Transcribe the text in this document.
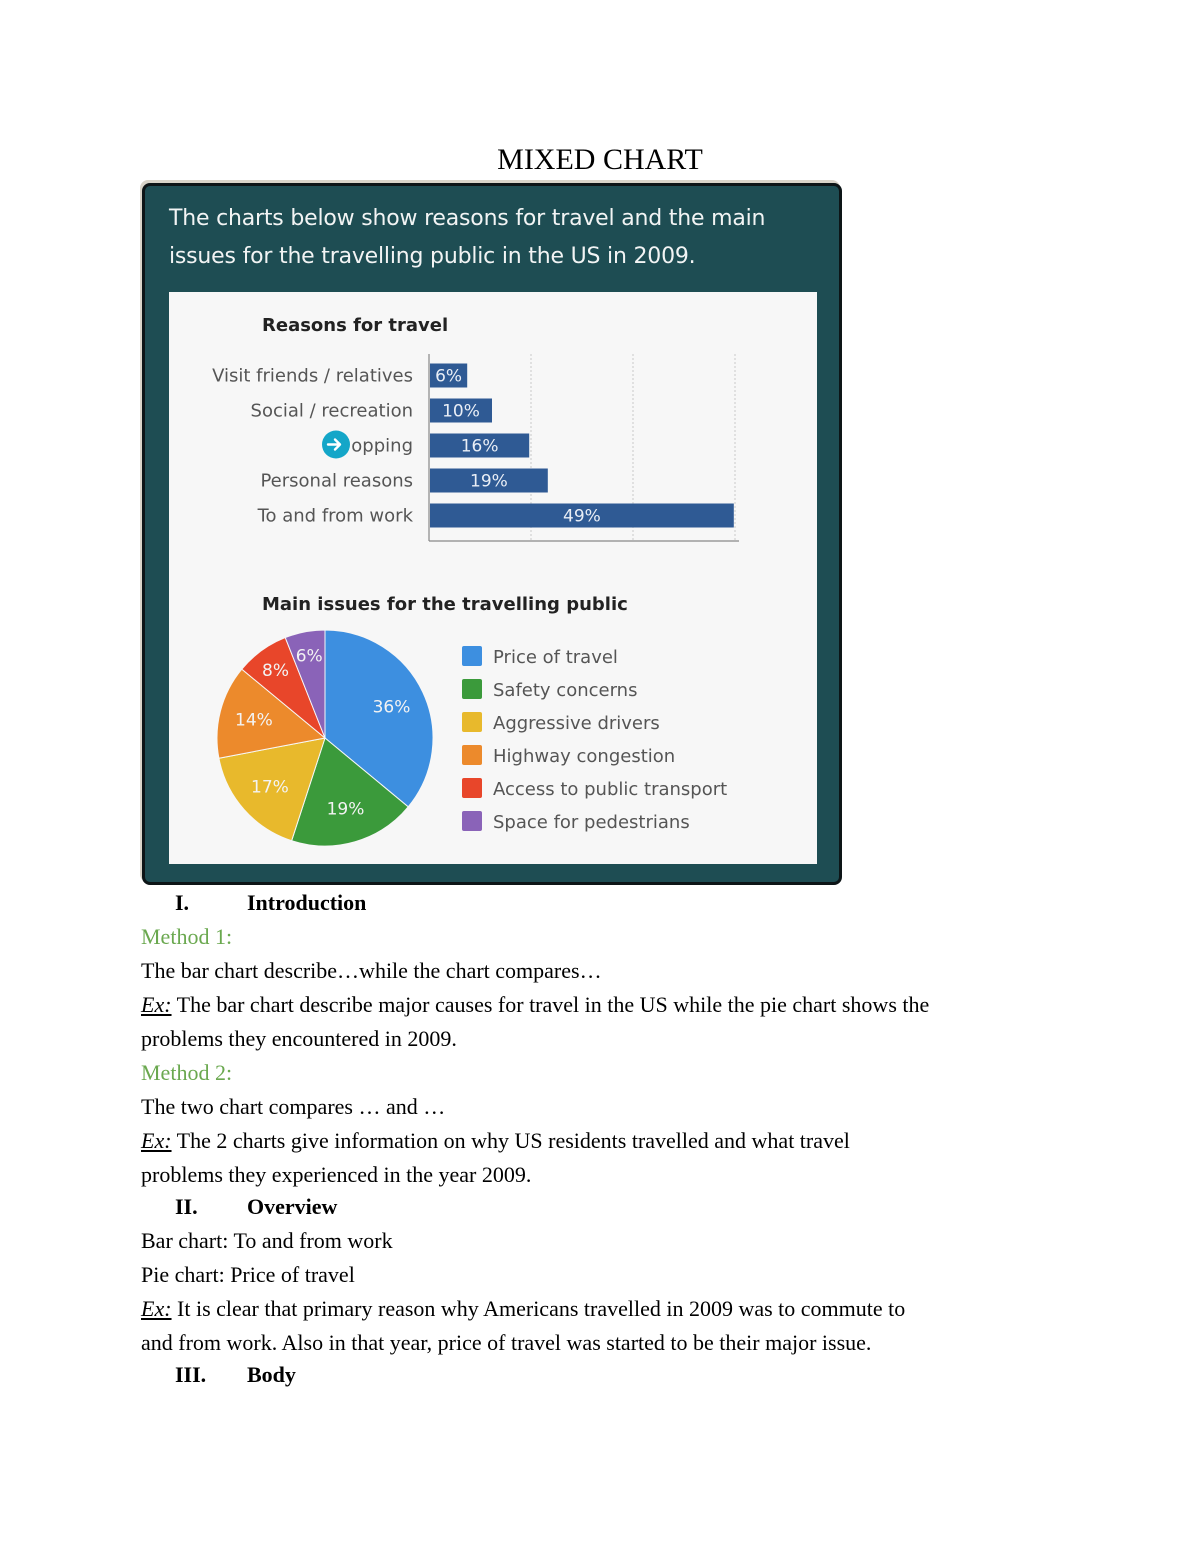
MIXED CHART
The charts below show reasons for travel and the main
issues for the travelling public in the US in 2009.
Reasons for travel
Visit friends / relatives 6%
Social / recreation 10%
opping	16%
Personal reasons	19%
To and from work	49%
Main issues for the travelling public
36%
19%
17%
14%
8%
6%	Price of travel
Safety concerns
Aggressive drivers
Highway congestion
Access to public transport
Space for pedestrians
I.	Introduction
Method 1:
The bar chart describe…while the chart compares…
Ex: The bar chart describe major causes for travel in the US while the pie chart shows the
problems they encountered in 2009.
Method 2:
The two chart compares … and …
Ex: The 2 charts give information on why US residents travelled and what travel
problems they experienced in the year 2009.
II. Overview
Bar chart: To and from work
Pie chart: Price of travel
Ex: It is clear that primary reason why Americans travelled in 2009 was to commute to
and from work. Also in that year, price of travel was started to be their major issue.
III. Body
